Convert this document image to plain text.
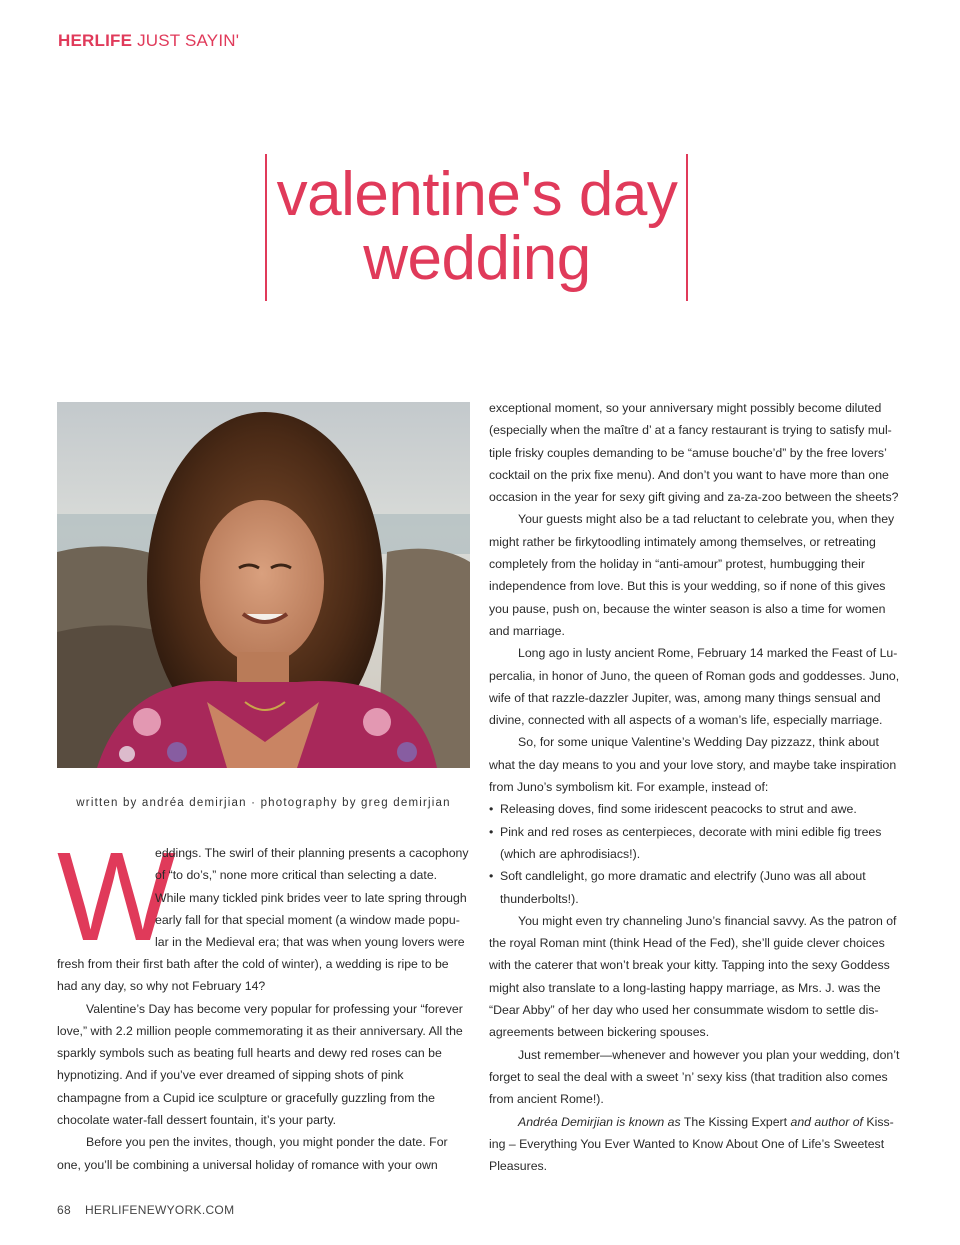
HERLIFE JUST SAYIN'
valentine's day
wedding
written by andréa demirjian · photography by greg demirjian
W
eddings. The swirl of their planning presents a cacophony
of “to do’s,” none more critical than selecting a date.
While many tickled pink brides veer to late spring through
early fall for that special moment (a window made popu-
lar in the Medieval era; that was when young lovers were

fresh from their first bath after the cold of winter), a wedding is ripe to be had any day, so why not February 14?

Valentine’s Day has become very popular for professing your “forever love,” with 2.2 million people commemorating it as their anniversary. All the sparkly symbols such as beating full hearts and dewy red roses can be hypnotizing. And if you’ve ever dreamed of sipping shots of pink champagne from a Cupid ice sculpture or gracefully guzzling from the chocolate water-fall dessert fountain, it’s your party.

Before you pen the invites, though, you might ponder the date. For one, you’ll be combining a universal holiday of romance with your own

exceptional moment, so your anniversary might possibly become diluted (especially when the maître d’ at a fancy restaurant is trying to satisfy mul-tiple frisky couples demanding to be “amuse bouche’d” by the free lovers’ cocktail on the prix fixe menu). And don’t you want to have more than one occasion in the year for sexy gift giving and za-za-zoo between the sheets?

Your guests might also be a tad reluctant to celebrate you, when they might rather be firkytoodling intimately among themselves, or retreating completely from the holiday in “anti-amour” protest, humbugging their independence from love. But this is your wedding, so if none of this gives you pause, push on, because the winter season is also a time for women and marriage.

Long ago in lusty ancient Rome, February 14 marked the Feast of Lu-percalia, in honor of Juno, the queen of Roman gods and goddesses. Juno, wife of that razzle-dazzler Jupiter, was, among many things sensual and divine, connected with all aspects of a woman’s life, especially marriage.

So, for some unique Valentine’s Wedding Day pizzazz, think about what the day means to you and your love story, and maybe take inspiration from Juno’s symbolism kit. For example, instead of:

• Releasing doves, find some iridescent peacocks to strut and awe.
• Pink and red roses as centerpieces, decorate with mini edible fig trees (which are aphrodisiacs!).
• Soft candlelight, go more dramatic and electrify (Juno was all about thunderbolts!).

You might even try channeling Juno’s financial savvy. As the patron of the royal Roman mint (think Head of the Fed), she’ll guide clever choices with the caterer that won’t break your kitty. Tapping into the sexy Goddess might also translate to a long-lasting happy marriage, as Mrs. J. was the “Dear Abby” of her day who used her consummate wisdom to settle dis-agreements between bickering spouses.

Just remember—whenever and however you plan your wedding, don’t forget to seal the deal with a sweet ’n’ sexy kiss (that tradition also comes from ancient Rome!).

Andréa Demirjian is known as The Kissing Expert and author of Kiss-ing – Everything You Ever Wanted to Know About One of Life’s Sweetest Pleasures.

68 HERLIFENEWYORK.COM
